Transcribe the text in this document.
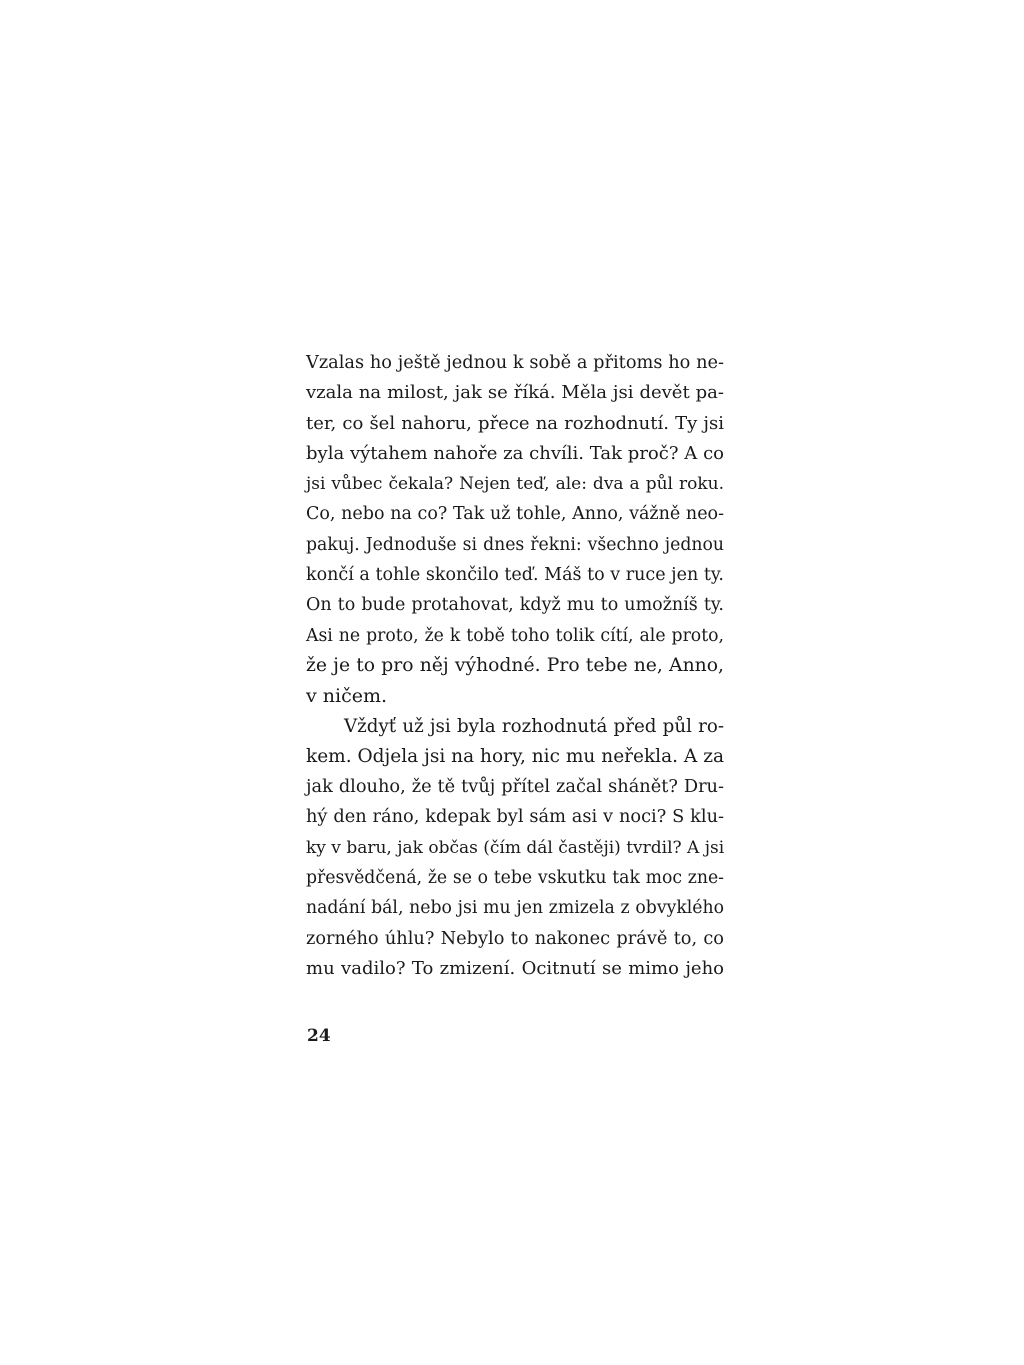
Vzalas ho ještě jednou k sobě a přitoms ho ne-
vzala na milost, jak se říká. Měla jsi devět pa-
ter, co šel nahoru, přece na rozhodnutí. Ty jsi
byla výtahem nahoře za chvíli. Tak proč? A co
jsi vůbec čekala? Nejen teď, ale: dva a půl roku.
Co, nebo na co? Tak už tohle, Anno, vážně neo-
pakuj. Jednoduše si dnes řekni: všechno jednou
končí a tohle skončilo teď. Máš to v ruce jen ty.
On to bude protahovat, když mu to umožníš ty.
Asi ne proto, že k tobě toho tolik cítí, ale proto,
že je to pro něj výhodné. Pro tebe ne, Anno,
v ničem.
Vždyť už jsi byla rozhodnutá před půl ro-
kem. Odjela jsi na hory, nic mu neřekla. A za
jak dlouho, že tě tvůj přítel začal shánět? Dru-
hý den ráno, kdepak byl sám asi v noci? S klu-
ky v baru, jak občas (čím dál častěji) tvrdil? A jsi
přesvědčená, že se o tebe vskutku tak moc zne-
nadání bál, nebo jsi mu jen zmizela z obvyklého
zorného úhlu? Nebylo to nakonec právě to, co
mu vadilo? To zmizení. Ocitnutí se mimo jeho
24
